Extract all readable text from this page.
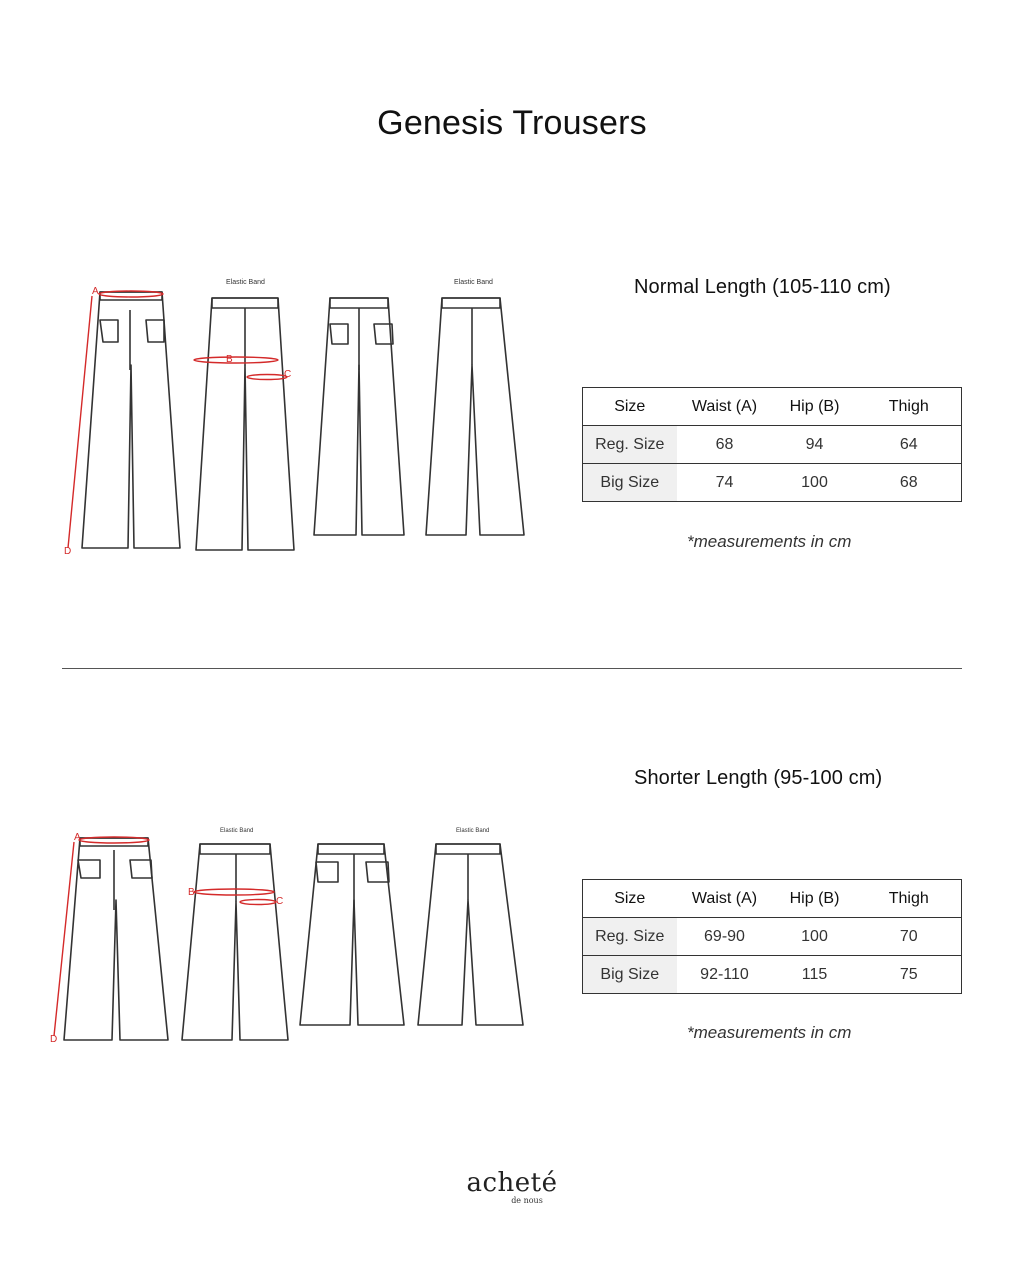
Genesis Trousers
A
B
C
D
Elastic Band	Elastic Band	Normal Length (105-110 cm)
Size	Waist (A)	Hip (B)	Thigh
Reg. Size	68	94	64
Big Size	74	100	68
*measurements in cm
A
B
C
D
Elastic Band	Elastic Band
Shorter Length (95-100 cm)
Size	Waist (A)	Hip (B)	Thigh
Reg. Size	69-90	100	70
Big Size	92-110	115	75
*measurements in cm
acheté
de nous
